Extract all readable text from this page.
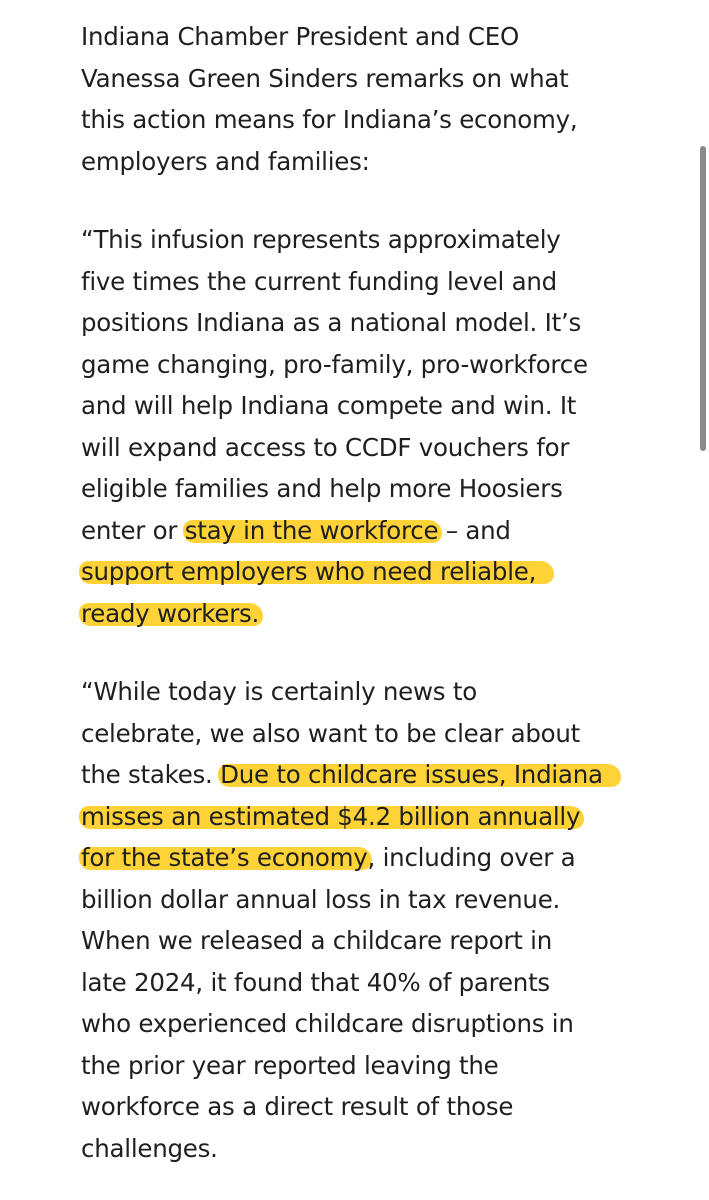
Indiana Chamber President and CEO
Vanessa Green Sinders remarks on what
this action means for Indiana’s economy,
employers and families:
“This infusion represents approximately
five times the current funding level and
positions Indiana as a national model. It’s
game changing, pro-family, pro-workforce
and will help Indiana compete and win. It
will expand access to CCDF vouchers for
eligible families and help more Hoosiers
enter or stay in the workforce – and
support employers who need reliable,
ready workers.
“While today is certainly news to
celebrate, we also want to be clear about
the stakes. Due to childcare issues, Indiana
misses an estimated $4.2 billion annually
for the state’s economy, including over a
billion dollar annual loss in tax revenue.
When we released a childcare report in
late 2024, it found that 40% of parents
who experienced childcare disruptions in
the prior year reported leaving the
workforce as a direct result of those
challenges.
